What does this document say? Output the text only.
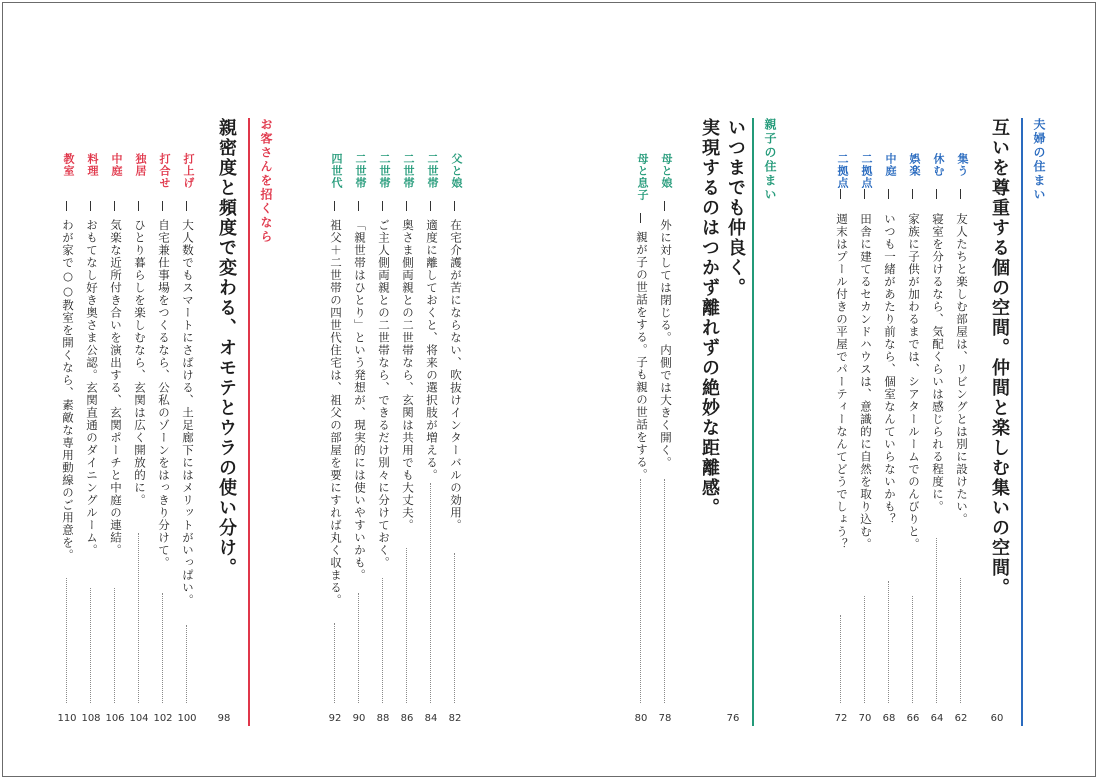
夫婦の住まい
互いを尊重する個の空間。仲間と楽しむ集いの空間。
60
集う
友人たちと楽しむ部屋は、リビングとは別に設けたい。
62
休む
寝室を分けるなら、気配くらいは感じられる程度に。
64
娯楽
家族に子供が加わるまでは、シアタールームでのんびりと。
66
中庭
いつも一緒があたり前なら、個室なんていらないかも？
68
二拠点
田舎に建てるセカンドハウスは、意識的に自然を取り込む。
70
二拠点
週末はプール付きの平屋でパーティーなんてどうでしょう？
72
親子の住まい
いつまでも仲良く。
実現するのはつかず離れずの絶妙な距離感。
76
母と娘
外に対しては閉じる。内側では大きく開く。
78
母と息子
親が子の世話をする。子も親の世話をする。
80
父と娘
在宅介護が苦にならない、吹抜けインターバルの効用。
82
二世帯
適度に離しておくと、将来の選択肢が増える。
84
二世帯
奥さま側両親との二世帯なら、玄関は共用でも大丈夫。
86
二世帯
ご主人側両親との二世帯なら、できるだけ別々に分けておく。
88
二世帯
「親世帯はひとり」という発想が、現実的には使いやすいかも。
90
四世代
祖父＋二世帯の四世代住宅は、祖父の部屋を要にすれば丸く収まる。
92
お客さんを招くなら
親密度と頻度で変わる、オモテとウラの使い分け。
98
打上げ
大人数でもスマートにさばける、土足廊下にはメリットがいっぱい。
100
打合せ
自宅兼仕事場をつくるなら、公私のゾーンをはっきり分けて。
102
独居
ひとり暮らしを楽しむなら、玄関は広く開放的に。
104
中庭
気楽な近所付き合いを演出する、玄関ポーチと中庭の連結。
106
料理
おもてなし好き奥さま公認。玄関直通のダイニングルーム。
108
教室
わが家で○○教室を開くなら、素敵な専用動線のご用意を。
110
